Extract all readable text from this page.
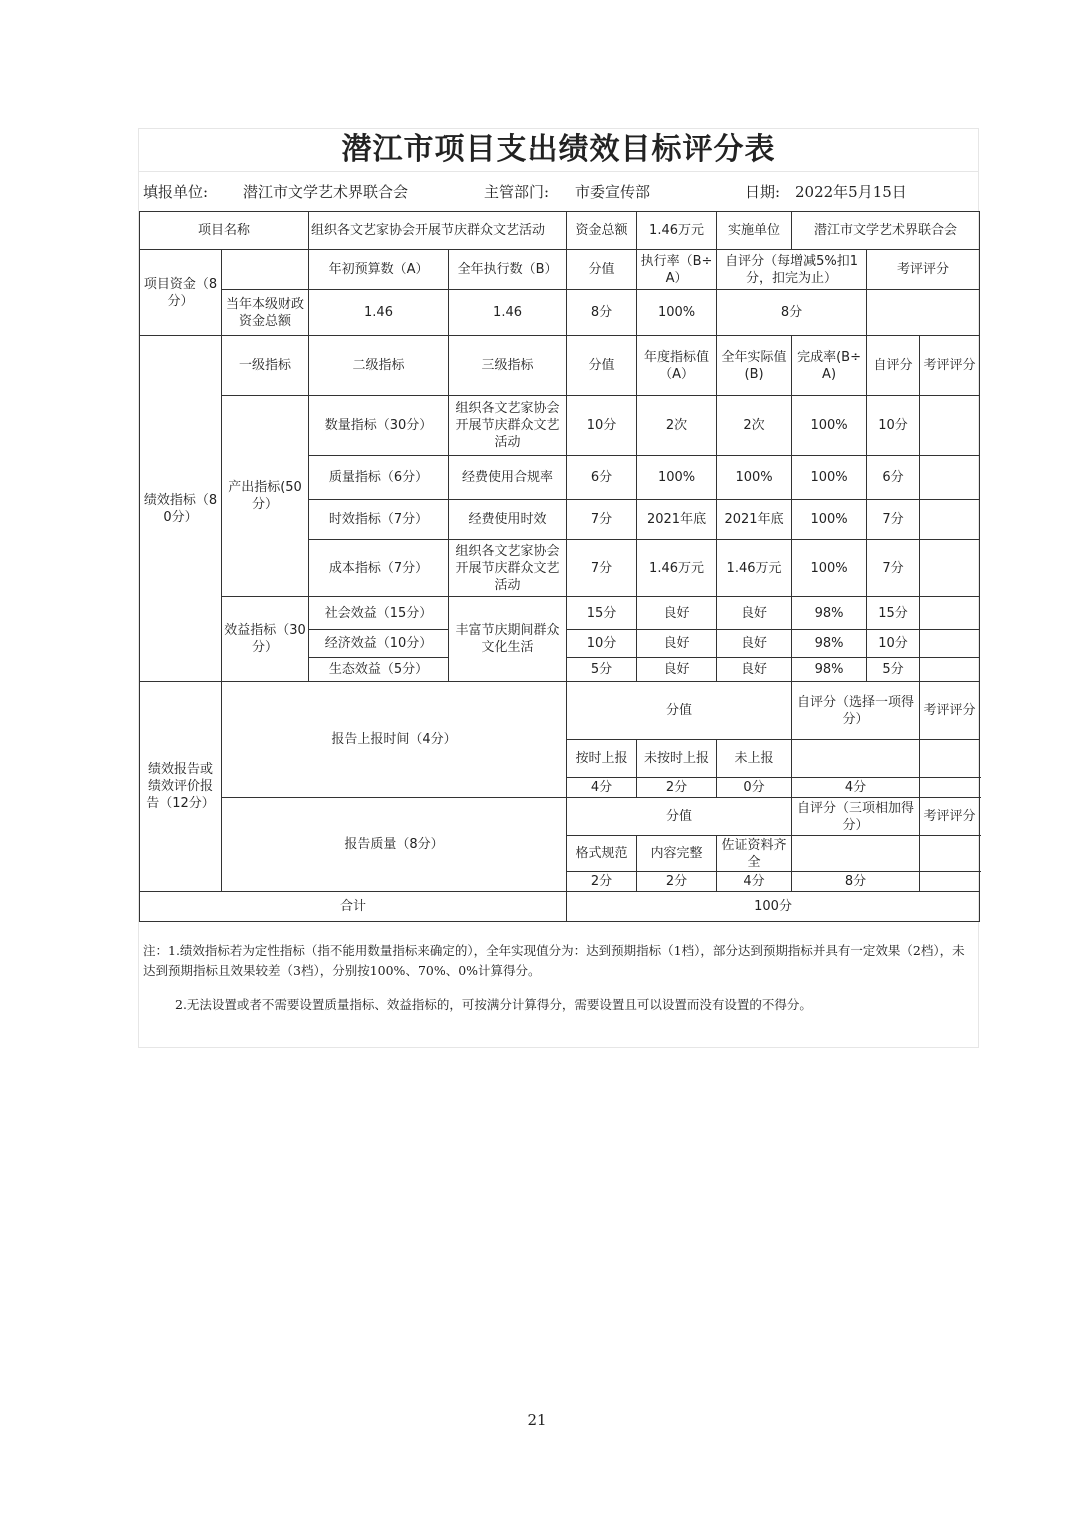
潜江市项目支出绩效目标评分表
填报单位: 潜江市文学艺术界联合会	主管部门: 市委宣传部	日期: 2022年5月15日
项目名称		组织各文艺家协会开展节庆群众文艺活动		资金总额	1.46万元	实施单位	潜江市文学艺术界联合会			
项目资金（8分）		年初预算数（A）	全年执行数（B）	分值	执行率（B÷A）	自评分（每增减5%扣1分，扣完为止）		考评评分		
	当年本级财政资金总额	1.46	1.46	8分	100%	8分				
绩效指标（80分）	一级指标	二级指标	三级指标	分值	年度指标值（A）	全年实际值(B)	完成率(B÷A)	自评分	考评评分	
	产出指标(50分）	数量指标（30分）	组织各文艺家协会开展节庆群众文艺活动	10分	2次	2次	100%	10分		
		质量指标（6分）	经费使用合规率	6分	100%	100%	100%	6分		
		时效指标（7分）	经费使用时效	7分	2021年底	2021年底	100%	7分		
		成本指标（7分）	组织各文艺家协会开展节庆群众文艺活动	7分	1.46万元	1.46万元	100%	7分		
	效益指标（30分）	社会效益（15分）	丰富节庆期间群众文化生活	15分	良好	良好	98%	15分		
		经济效益（10分）		10分	良好	良好	98%	10分		
		生态效益（5分）		5分	良好	良好	98%	5分		
绩效报告或绩效评价报告（12分）	报告上报时间（4分）			分值			自评分（选择一项得分）		考评评分	
				按时上报	未按时上报	未上报				
				4分	2分	0分	4分			
	报告质量（8分）			分值			自评分（三项相加得分）		考评评分	
				格式规范	内容完整	佐证资料齐全				
				2分	2分	4分	8分			
合计				100分						

注：1.绩效指标若为定性指标（指不能用数量指标来确定的），全年实现值分为：达到预期指标（1档），部分达到预期指标并具有一定效果（2档），未达到预期指标且效果较差（3档），分别按100%、70%、0%计算得分。

2.无法设置或者不需要设置质量指标、效益指标的，可按满分计算得分，需要设置且可以设置而没有设置的不得分。

21
